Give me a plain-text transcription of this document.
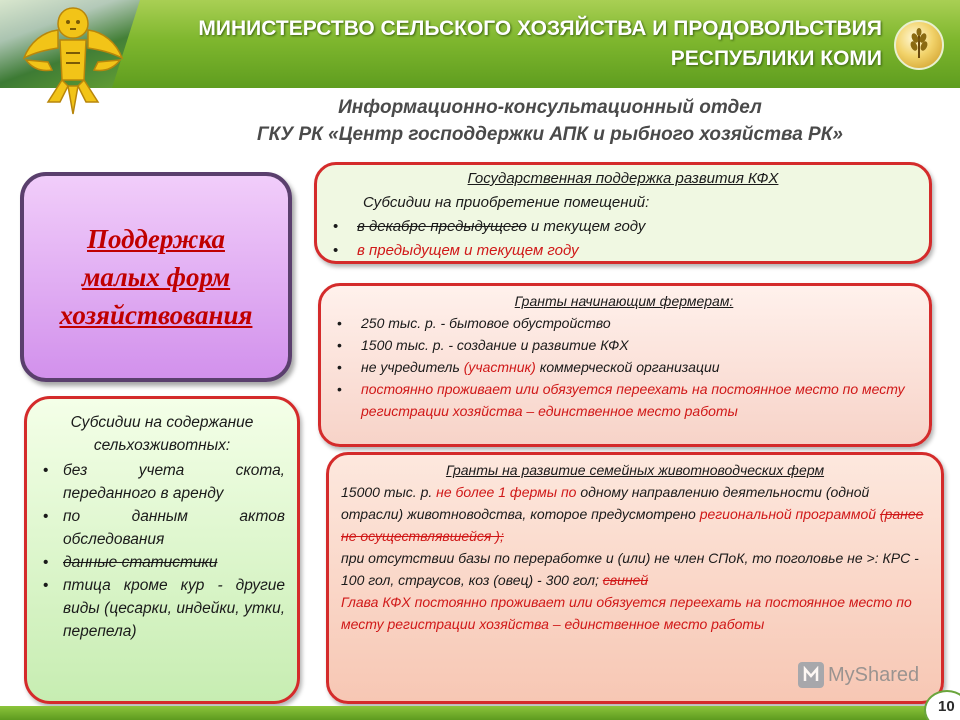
МИНИСТЕРСТВО СЕЛЬСКОГО ХОЗЯЙСТВА И ПРОДОВОЛЬСТВИЯ
РЕСПУБЛИКИ КОМИ
Информационно-консультационный отдел
ГКУ РК «Центр господдержки АПК и рыбного хозяйства РК»
Поддержка
малых форм
хозяйствования
Субсидии на содержание сельхозживотных:
• без учета скота, переданного в аренду
• по данным актов обследования
• данные статистики
• птица кроме кур - другие виды (цесарки, индейки, утки, перепела)
Государственная поддержка развития КФХ
Субсидии на приобретение помещений:
• в декабре предыдущего и текущем году
• в предыдущем и текущем году
Гранты начинающим фермерам:
• 250 тыс. р. - бытовое обустройство
• 1500 тыс. р. - создание и развитие КФХ
• не учредитель (участник) коммерческой организации
• постоянно проживает или обязуется переехать на постоянное место по месту регистрации хозяйства – единственное место работы
Гранты на развитие семейных животноводческих ферм
15000 тыс. р. не более 1 фермы по одному направлению деятельности (одной отрасли) животноводства, которое предусмотрено региональной программой (ранее не осуществлявшейся );
при отсутствии базы по переработке и (или) не член СПоК, то поголовье не >: КРС - 100 гол, страусов, коз (овец) - 300 гол; свиней
Глава КФХ постоянно проживает или обязуется переехать на постоянное место по месту регистрации хозяйства – единственное место работы
MyShared
10
